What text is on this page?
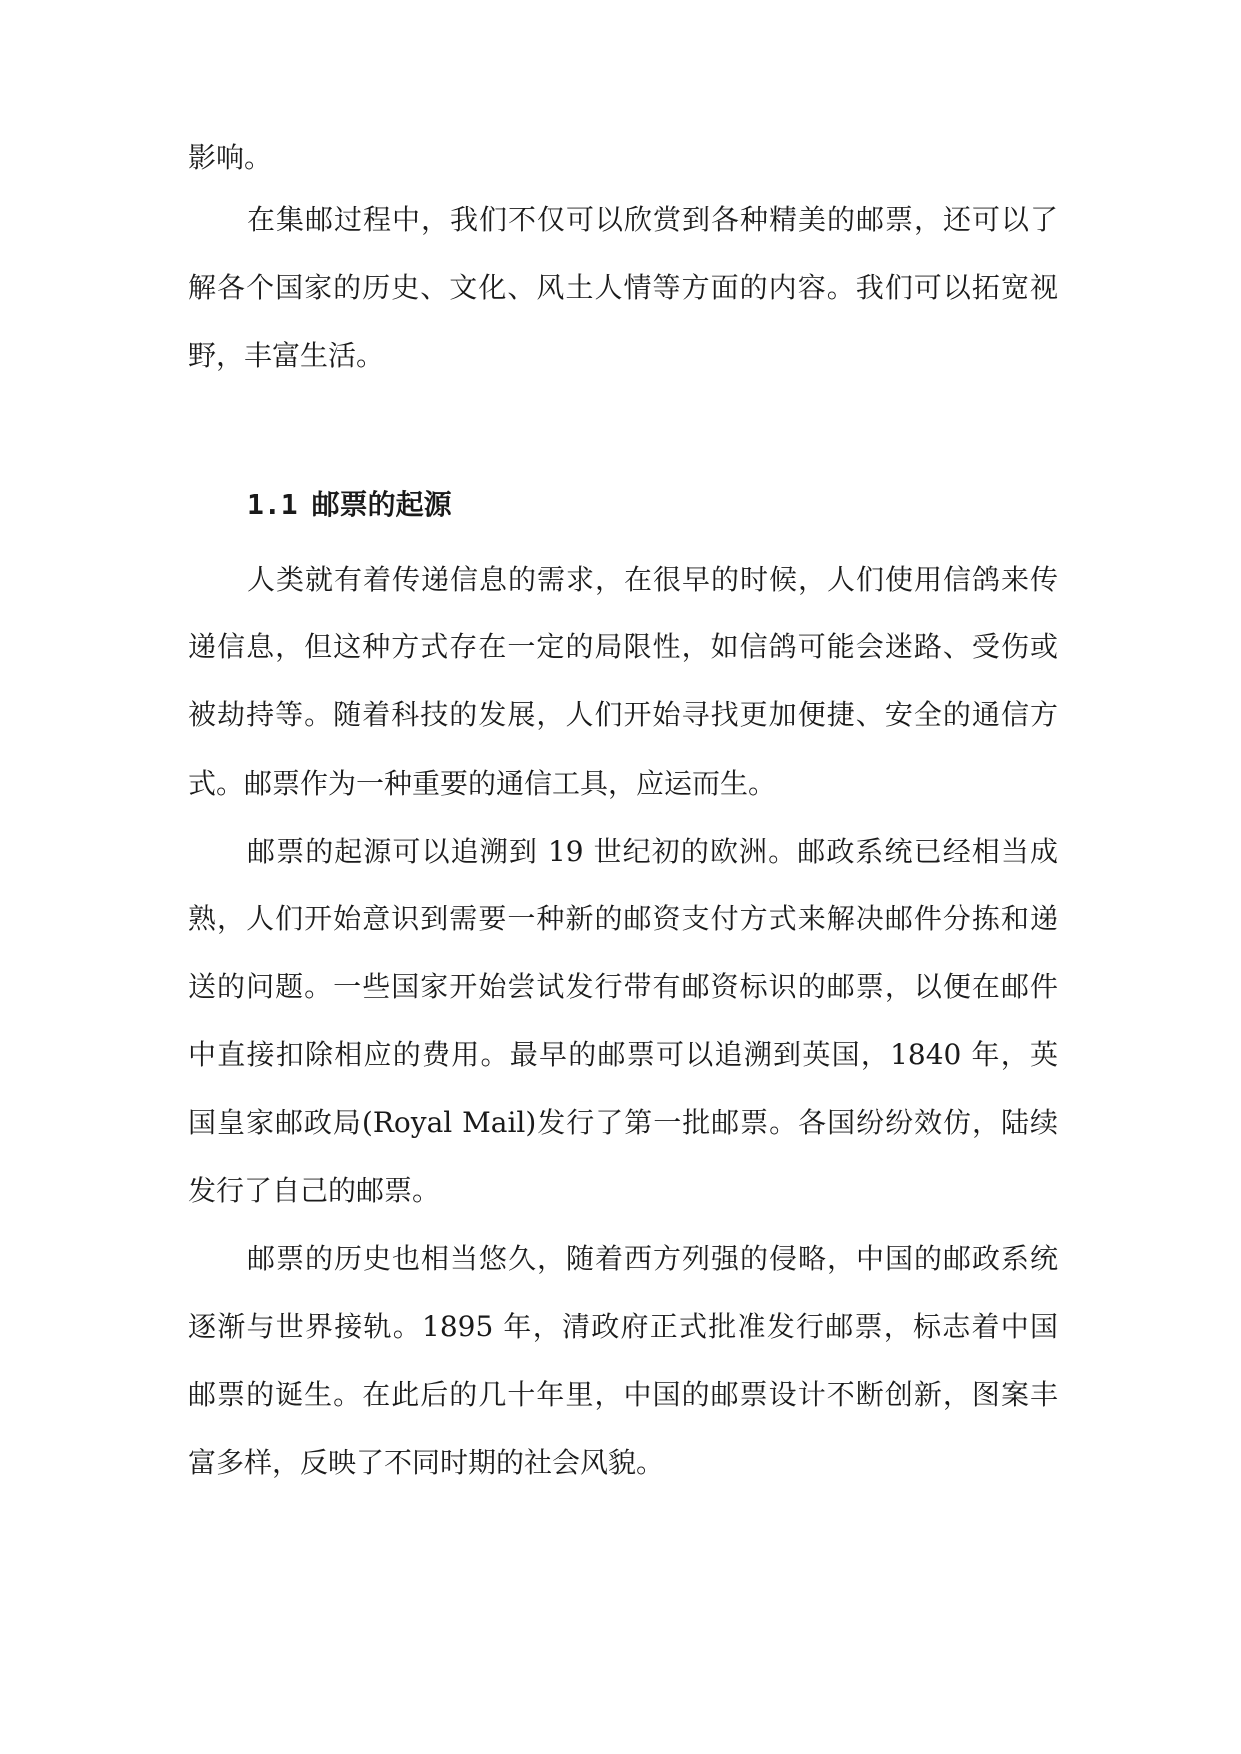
影响。
在集邮过程中，我们不仅可以欣赏到各种精美的邮票，还可以了
解各个国家的历史、文化、风土人情等方面的内容。我们可以拓宽视
野，丰富生活。
1.1 邮票的起源
人类就有着传递信息的需求，在很早的时候，人们使用信鸽来传
递信息，但这种方式存在一定的局限性，如信鸽可能会迷路、受伤或
被劫持等。随着科技的发展，人们开始寻找更加便捷、安全的通信方
式。邮票作为一种重要的通信工具，应运而生。
邮票的起源可以追溯到 19 世纪初的欧洲。邮政系统已经相当成
熟，人们开始意识到需要一种新的邮资支付方式来解决邮件分拣和递
送的问题。一些国家开始尝试发行带有邮资标识的邮票，以便在邮件
中直接扣除相应的费用。最早的邮票可以追溯到英国，1840 年，英
国皇家邮政局(Royal Mail)发行了第一批邮票。各国纷纷效仿，陆续
发行了自己的邮票。
邮票的历史也相当悠久，随着西方列强的侵略，中国的邮政系统
逐渐与世界接轨。1895 年，清政府正式批准发行邮票，标志着中国
邮票的诞生。在此后的几十年里，中国的邮票设计不断创新，图案丰
富多样，反映了不同时期的社会风貌。
